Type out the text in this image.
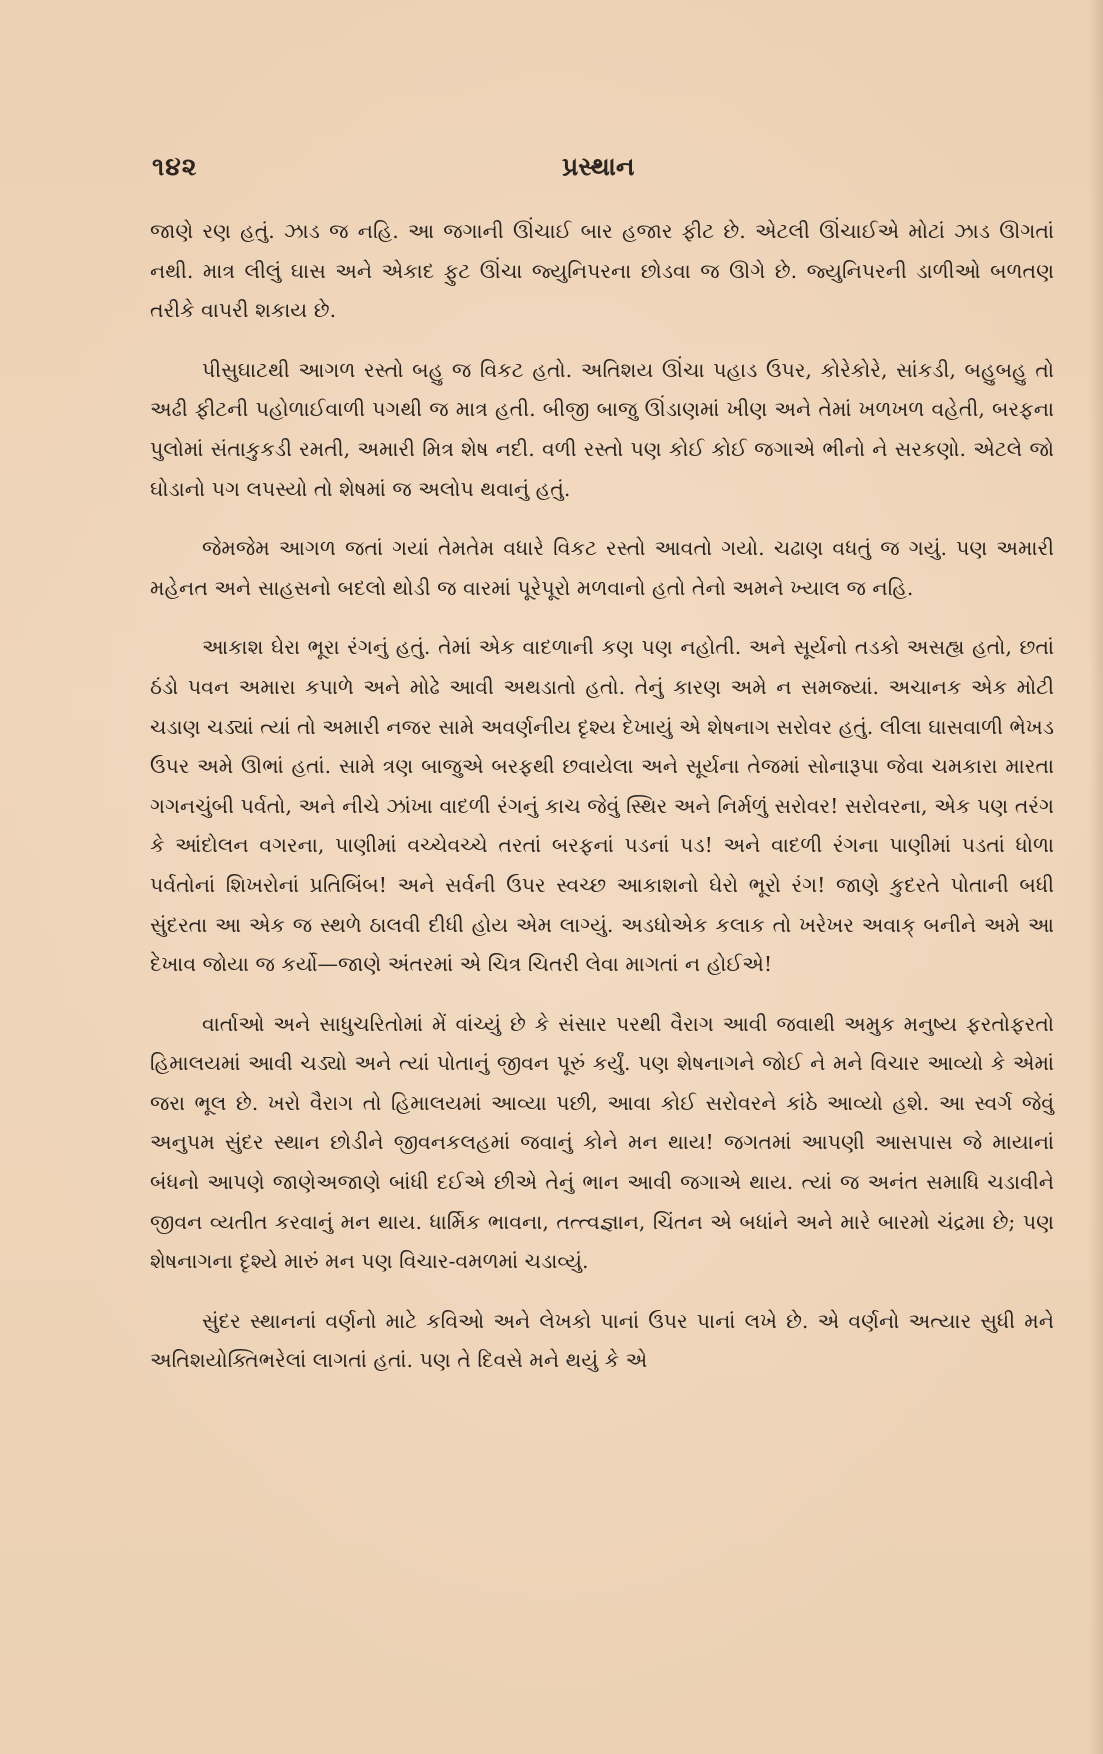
૧૪૨	પ્રસ્થાન

જાણે રણ હતું. ઝાડ જ નહિ. આ જગાની ઊંચાઈ બાર હજાર ફીટ છે. એટલી ઊંચાઈએ મોટાં ઝાડ ઊગતાં નથી. માત્ર લીલું ઘાસ અને એકાદ ફુટ ઊંચા જ્યુનિપરના છોડવા જ ઊગે છે. જ્યુનિપરની ડાળીઓ બળતણ તરીકે વાપરી શકાય છે.

પીસુઘાટથી આગળ રસ્તો બહુ જ વિકટ હતો. અતિશય ઊંચા પહાડ ઉપર, કોરેકોરે, સાંકડી, બહુબહુ તો અઢી ફીટની પહોળાઈવાળી પગથી જ માત્ર હતી. બીજી બાજુ ઊંડાણમાં ખીણ અને તેમાં ખળખળ વહેતી, બરફના પુલોમાં સંતાકુકડી રમતી, અમારી મિત્ર શેષ નદી. વળી રસ્તો પણ કોઈ કોઈ જગાએ ભીનો ને સરકણો. એટલે જો ઘોડાનો પગ લપસ્યો તો શેષમાં જ અલોપ થવાનું હતું.

જેમજેમ આગળ જતાં ગયાં તેમતેમ વધારે વિકટ રસ્તો આવતો ગયો. ચઢાણ વધતું જ ગયું. પણ અમારી મહેનત અને સાહસનો બદલો થોડી જ વારમાં પૂરેપૂરો મળવાનો હતો તેનો અમને ખ્યાલ જ નહિ.

આકાશ ઘેરા ભૂરા રંગનું હતું. તેમાં એક વાદળાની કણ પણ નહોતી. અને સૂર્યનો તડકો અસહ્ય હતો, છતાં ઠંડો પવન અમારા કપાળે અને મોઢે આવી અથડાતો હતો. તેનું કારણ અમે ન સમજ્યાં. અચાનક એક મોટી ચડાણ ચડ્યાં ત્યાં તો અમારી નજર સામે અવર્ણનીય દૃશ્ય દેખાયું એ શેષનાગ સરોવર હતું. લીલા ઘાસવાળી ભેખડ ઉપર અમે ઊભાં હતાં. સામે ત્રણ બાજુએ બરફથી છવાયેલા અને સૂર્યના તેજમાં સોનારૂપા જેવા ચમકારા મારતા ગગનચુંબી પર્વતો, અને નીચે ઝાંખા વાદળી રંગનું કાચ જેવું સ્થિર અને નિર્મળું સરોવર! સરોવરના, એક પણ તરંગ કે આંદોલન વગરના, પાણીમાં વચ્ચેવચ્ચે તરતાં બરફનાં પડનાં પડ! અને વાદળી રંગના પાણીમાં પડતાં ધોળા પર્વતોનાં શિખરોનાં પ્રતિબિંબ! અને સર્વની ઉપર સ્વચ્છ આકાશનો ઘેરો ભૂરો રંગ! જાણે કુદરતે પોતાની બધી સુંદરતા આ એક જ સ્થળે ઠાલવી દીધી હોય એમ લાગ્યું. અડધોએક કલાક તો ખરેખર અવાક્ બનીને અમે આ દેખાવ જોયા જ કર્યો—જાણે અંતરમાં એ ચિત્ર ચિતરી લેવા માગતાં ન હોઈએ!

વાર્તાઓ અને સાધુચરિતોમાં મેં વાંચ્યું છે કે સંસાર પરથી વૈરાગ આવી જવાથી અમુક મનુષ્ય ફરતોફરતો હિમાલયમાં આવી ચડ્યો અને ત્યાં પોતાનું જીવન પૂરું કર્યું. પણ શેષનાગને જોઈ ને મને વિચાર આવ્યો કે એમાં જરા ભૂલ છે. ખરો વૈરાગ તો હિમાલયમાં આવ્યા પછી, આવા કોઈ સરોવરને કાંઠે આવ્યો હશે. આ સ્વર્ગ જેવું અનુપમ સુંદર સ્થાન છોડીને જીવનકલહમાં જવાનું કોને મન થાય! જગતમાં આપણી આસપાસ જે માયાનાં બંધનો આપણે જાણેઅજાણે બાંધી દઈએ છીએ તેનું ભાન આવી જગાએ થાય. ત્યાં જ અનંત સમાધિ ચડાવીને જીવન વ્યતીત કરવાનું મન થાય. ધાર્મિક ભાવના, તત્ત્વજ્ઞાન, ચિંતન એ બધાંને અને મારે બારમો ચંદ્રમા છે; પણ શેષનાગના દૃશ્યે મારું મન પણ વિચાર-વમળમાં ચડાવ્યું.

સુંદર સ્થાનનાં વર્ણનો માટે કવિઓ અને લેખકો પાનાં ઉપર પાનાં લખે છે. એ વર્ણનો અત્યાર સુધી મને અતિશયોક્તિભરેલાં લાગતાં હતાં. પણ તે દિવસે મને થયું કે એ
